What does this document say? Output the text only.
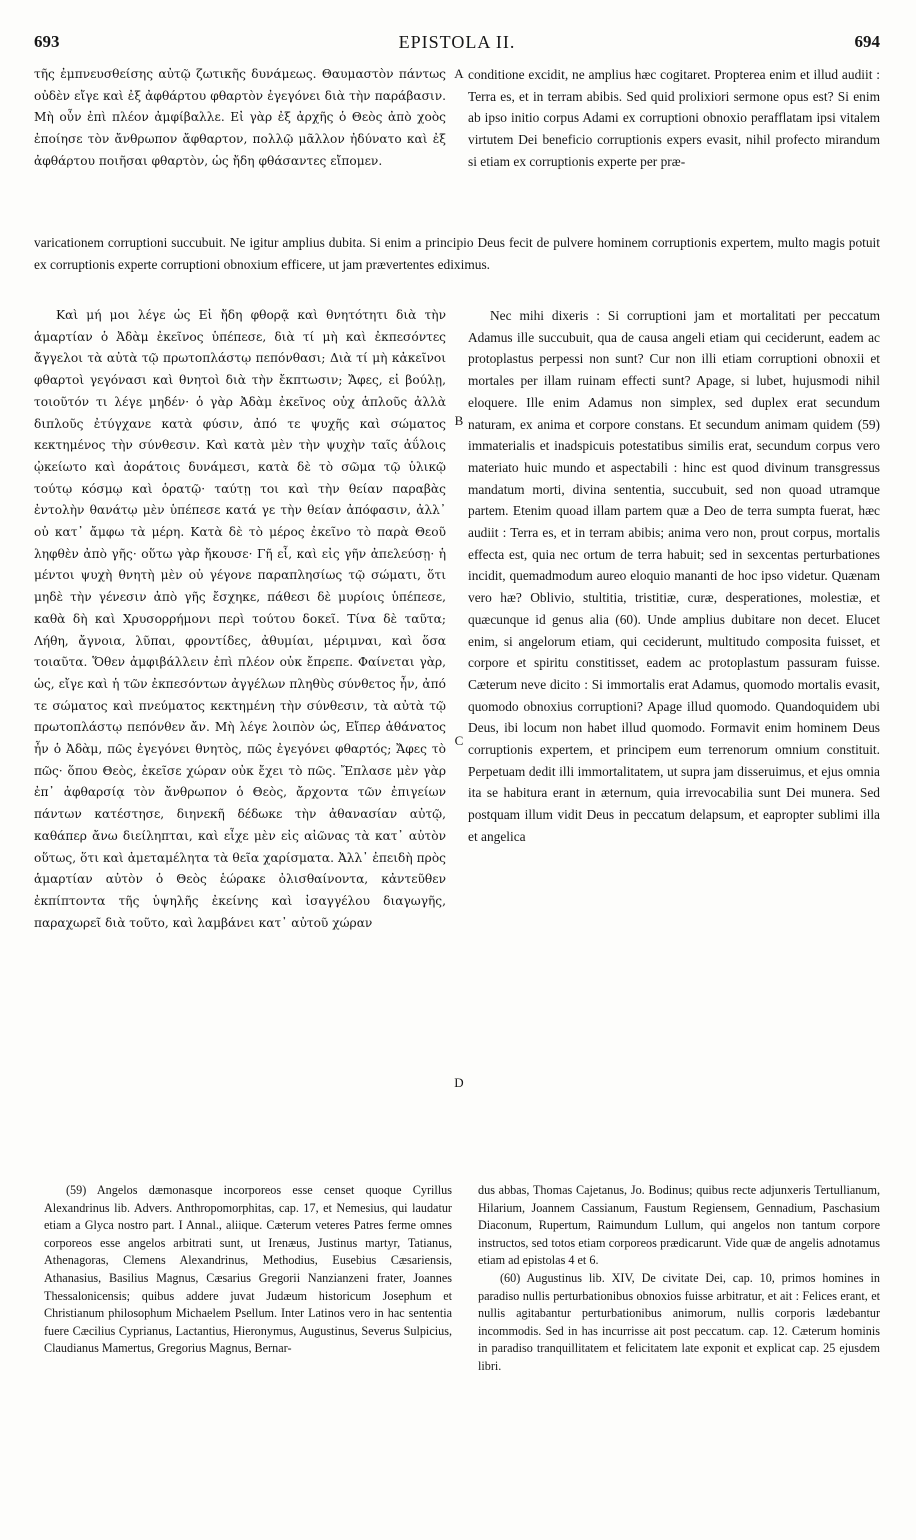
693	EPISTOLA II.	694

τῆς ἐμπνευσθείσης αὐτῷ ζωτικῆς δυνάμεως. Θαυμαστὸν πάντως οὐδὲν εἴγε καὶ ἐξ ἀφθάρτου φθαρτὸν ἐγεγόνει διὰ τὴν παράβασιν. Μὴ οὖν ἐπὶ πλέον ἀμφίβαλλε. Εἰ γὰρ ἐξ ἀρχῆς ὁ Θεὸς ἀπὸ χοὸς ἐποίησε τὸν ἄνθρωπον ἄφθαρτον, πολλῷ μᾶλλον ἠδύνατο καὶ ἐξ ἀφθάρτου ποιῆσαι φθαρτὸν, ὡς ἤδη φθάσαντες εἴπομεν.

A conditione excidit, ne amplius hæc cogitaret. Propterea enim et illud audiit : Terra es, et in terram abibis. Sed quid prolixiori sermone opus est? Si enim ab ipso initio corpus Adami ex corruptioni obnoxio perafflatam ipsi vitalem virtutem Dei beneficio corruptionis expers evasit, nihil profecto mirandum si etiam ex corruptionis experte per præ-

varicationem corruptioni succubuit. Ne igitur amplius dubita. Si enim a principio Deus fecit de pulvere hominem corruptionis expertem, multo magis potuit ex corruptionis experte corruptioni obnoxium efficere, ut jam prævertentes ediximus.

Καὶ μή μοι λέγε ὡς Εἰ ἤδη φθορᾷ καὶ θνητότητι διὰ τὴν ἁμαρτίαν ὁ Ἀδὰμ ἐκεῖνος ὑπέπεσε, διὰ τί μὴ καὶ ἐκπεσόντες ἄγγελοι τὰ αὐτὰ τῷ πρωτοπλάστῳ πεπόνθασι; Διὰ τί μὴ κἀκεῖνοι φθαρτοὶ γεγόνασι καὶ θνητοὶ διὰ τὴν ἔκπτωσιν; Ἄφες, εἰ βούλῃ, τοιοῦτόν τι λέγε μηδέν· ὁ γὰρ Ἀδὰμ ἐκεῖνος οὐχ ἁπλοῦς ἀλλὰ διπλοῦς ἐτύγχανε κατὰ φύσιν, ἀπό τε ψυχῆς καὶ σώματος κεκτημένος τὴν σύνθεσιν. Καὶ κατὰ μὲν τὴν ψυχὴν ταῖς ἀΰλοις ᾠκείωτο καὶ ἀοράτοις δυνάμεσι, κατὰ δὲ τὸ σῶμα τῷ ὑλικῷ τούτῳ κόσμῳ καὶ ὁρατῷ· ταύτῃ τοι καὶ τὴν θείαν παραβὰς ἐντολὴν θανάτῳ μὲν ὑπέπεσε κατά γε τὴν θείαν ἀπόφασιν, ἀλλ᾽ οὐ κατ᾽ ἄμφω τὰ μέρη. Κατὰ δὲ τὸ μέρος ἐκεῖνο τὸ παρὰ Θεοῦ ληφθὲν ἀπὸ γῆς· οὕτω γὰρ ἤκουσε· Γῆ εἶ, καὶ εἰς γῆν ἀπελεύσῃ· ἡ μέντοι ψυχὴ θνητὴ μὲν οὐ γέγονε παραπλησίως τῷ σώματι, ὅτι μηδὲ τὴν γένεσιν ἀπὸ γῆς ἔσχηκε, πάθεσι δὲ μυρίοις ὑπέπεσε, καθὰ δὴ καὶ Χρυσορρήμονι περὶ τούτου δοκεῖ. Τίνα δὲ ταῦτα; Λήθη, ἄγνοια, λῦπαι, φροντίδες, ἀθυμίαι, μέριμναι, καὶ ὅσα τοιαῦτα. Ὅθεν ἀμφιβάλλειν ἐπὶ πλέον οὐκ ἔπρεπε. Φαίνεται γὰρ, ὡς, εἴγε καὶ ἡ τῶν ἐκπεσόντων ἀγγέλων πληθὺς σύνθετος ἦν, ἀπό τε σώματος καὶ πνεύματος κεκτημένη τὴν σύνθεσιν, τὰ αὐτὰ τῷ πρωτοπλάστῳ πεπόνθεν ἄν. Μὴ λέγε λοιπὸν ὡς, Εἴπερ ἀθάνατος ἦν ὁ Ἀδὰμ, πῶς ἐγεγόνει θνητὸς, πῶς ἐγεγόνει φθαρτός; Ἄφες τὸ πῶς· ὅπου Θεὸς, ἐκεῖσε χώραν οὐκ ἔχει τὸ πῶς. Ἔπλασε μὲν γὰρ ἐπ᾽ ἀφθαρσίᾳ τὸν ἄνθρωπον ὁ Θεὸς, ἄρχοντα τῶν ἐπιγείων πάντων κατέστησε, διηνεκῆ δέδωκε τὴν ἀθανασίαν αὐτῷ, καθάπερ ἄνω διείληπται, καὶ εἶχε μὲν εἰς αἰῶνας τὰ κατ᾽ αὐτὸν οὕτως, ὅτι καὶ ἀμεταμέλητα τὰ θεῖα χαρίσματα. Ἀλλ᾽ ἐπειδὴ πρὸς ἁμαρτίαν αὐτὸν ὁ Θεὸς ἑώρακε ὀλισθαίνοντα, κἀντεῦθεν ἐκπίπτοντα τῆς ὑψηλῆς ἐκείνης καὶ ἰσαγγέλου διαγωγῆς, παραχωρεῖ διὰ τοῦτο, καὶ λαμβάνει κατ᾽ αὐτοῦ χώραν

B
C
D

Nec mihi dixeris : Si corruptioni jam et mortalitati per peccatum Adamus ille succubuit, qua de causa angeli etiam qui ceciderunt, eadem ac protoplastus perpessi non sunt? Cur non illi etiam corruptioni obnoxii et mortales per illam ruinam effecti sunt? Apage, si lubet, hujusmodi nihil eloquere. Ille enim Adamus non simplex, sed duplex erat secundum naturam, ex anima et corpore constans. Et secundum animam quidem (59) immaterialis et inadspicuis potestatibus similis erat, secundum corpus vero materiato huic mundo et aspectabili : hinc est quod divinum transgressus mandatum morti, divina sententia, succubuit, sed non quoad utramque partem. Etenim quoad illam partem quæ a Deo de terra sumpta fuerat, hæc audiit : Terra es, et in terram abibis; anima vero non, prout corpus, mortalis effecta est, quia nec ortum de terra habuit; sed in sexcentas perturbationes incidit, quemadmodum aureo eloquio mananti de hoc ipso videtur. Quænam vero hæ? Oblivio, stultitia, tristitiæ, curæ, desperationes, molestiæ, et quæcunque id genus alia (60). Unde amplius dubitare non decet. Elucet enim, si angelorum etiam, qui ceciderunt, multitudo composita fuisset, et corpore et spiritu constitisset, eadem ac protoplastum passuram fuisse. Cæterum neve dicito : Si immortalis erat Adamus, quomodo mortalis evasit, quomodo obnoxius corruptioni? Apage illud quomodo. Quandoquidem ubi Deus, ibi locum non habet illud quomodo. Formavit enim hominem Deus corruptionis expertem, et principem eum terrenorum omnium constituit. Perpetuam dedit illi immortalitatem, ut supra jam disseruimus, et ejus omnia ita se habitura erant in æternum, quia irrevocabilia sunt Dei munera. Sed postquam illum vidit Deus in peccatum delapsum, et eapropter sublimi illa et angelica

(59) Angelos dæmonasque incorporeos esse censet quoque Cyrillus Alexandrinus lib. Advers. Anthropomorphitas, cap. 17, et Nemesius, qui laudatur etiam a Glyca nostro part. I Annal., aliique. Cæterum veteres Patres ferme omnes corporeos esse angelos arbitrati sunt, ut Irenæus, Justinus martyr, Tatianus, Athenagoras, Clemens Alexandrinus, Methodius, Eusebius Cæsariensis, Athanasius, Basilius Magnus, Cæsarius Gregorii Nanzianzeni frater, Joannes Thessalonicensis; quibus addere juvat Judæum historicum Josephum et Christianum philosophum Michaelem Psellum. Inter Latinos vero in hac sententia fuere Cæcilius Cyprianus, Lactantius, Hieronymus, Augustinus, Severus Sulpicius, Claudianus Mamertus, Gregorius Magnus, Bernar-

dus abbas, Thomas Cajetanus, Jo. Bodinus; quibus recte adjunxeris Tertullianum, Hilarium, Joannem Cassianum, Faustum Regiensem, Gennadium, Paschasium Diaconum, Rupertum, Raimundum Lullum, qui angelos non tantum corpore instructos, sed totos etiam corporeos prædicarunt. Vide quæ de angelis adnotamus etiam ad epistolas 4 et 6.

(60) Augustinus lib. XIV, De civitate Dei, cap. 10, primos homines in paradiso nullis perturbationibus obnoxios fuisse arbitratur, et ait : Felices erant, et nullis agitabantur perturbationibus animorum, nullis corporis lædebantur incommodis. Sed in has incurrisse ait post peccatum. cap. 12. Cæterum hominis in paradiso tranquillitatem et felicitatem late exponit et explicat cap. 25 ejusdem libri.
